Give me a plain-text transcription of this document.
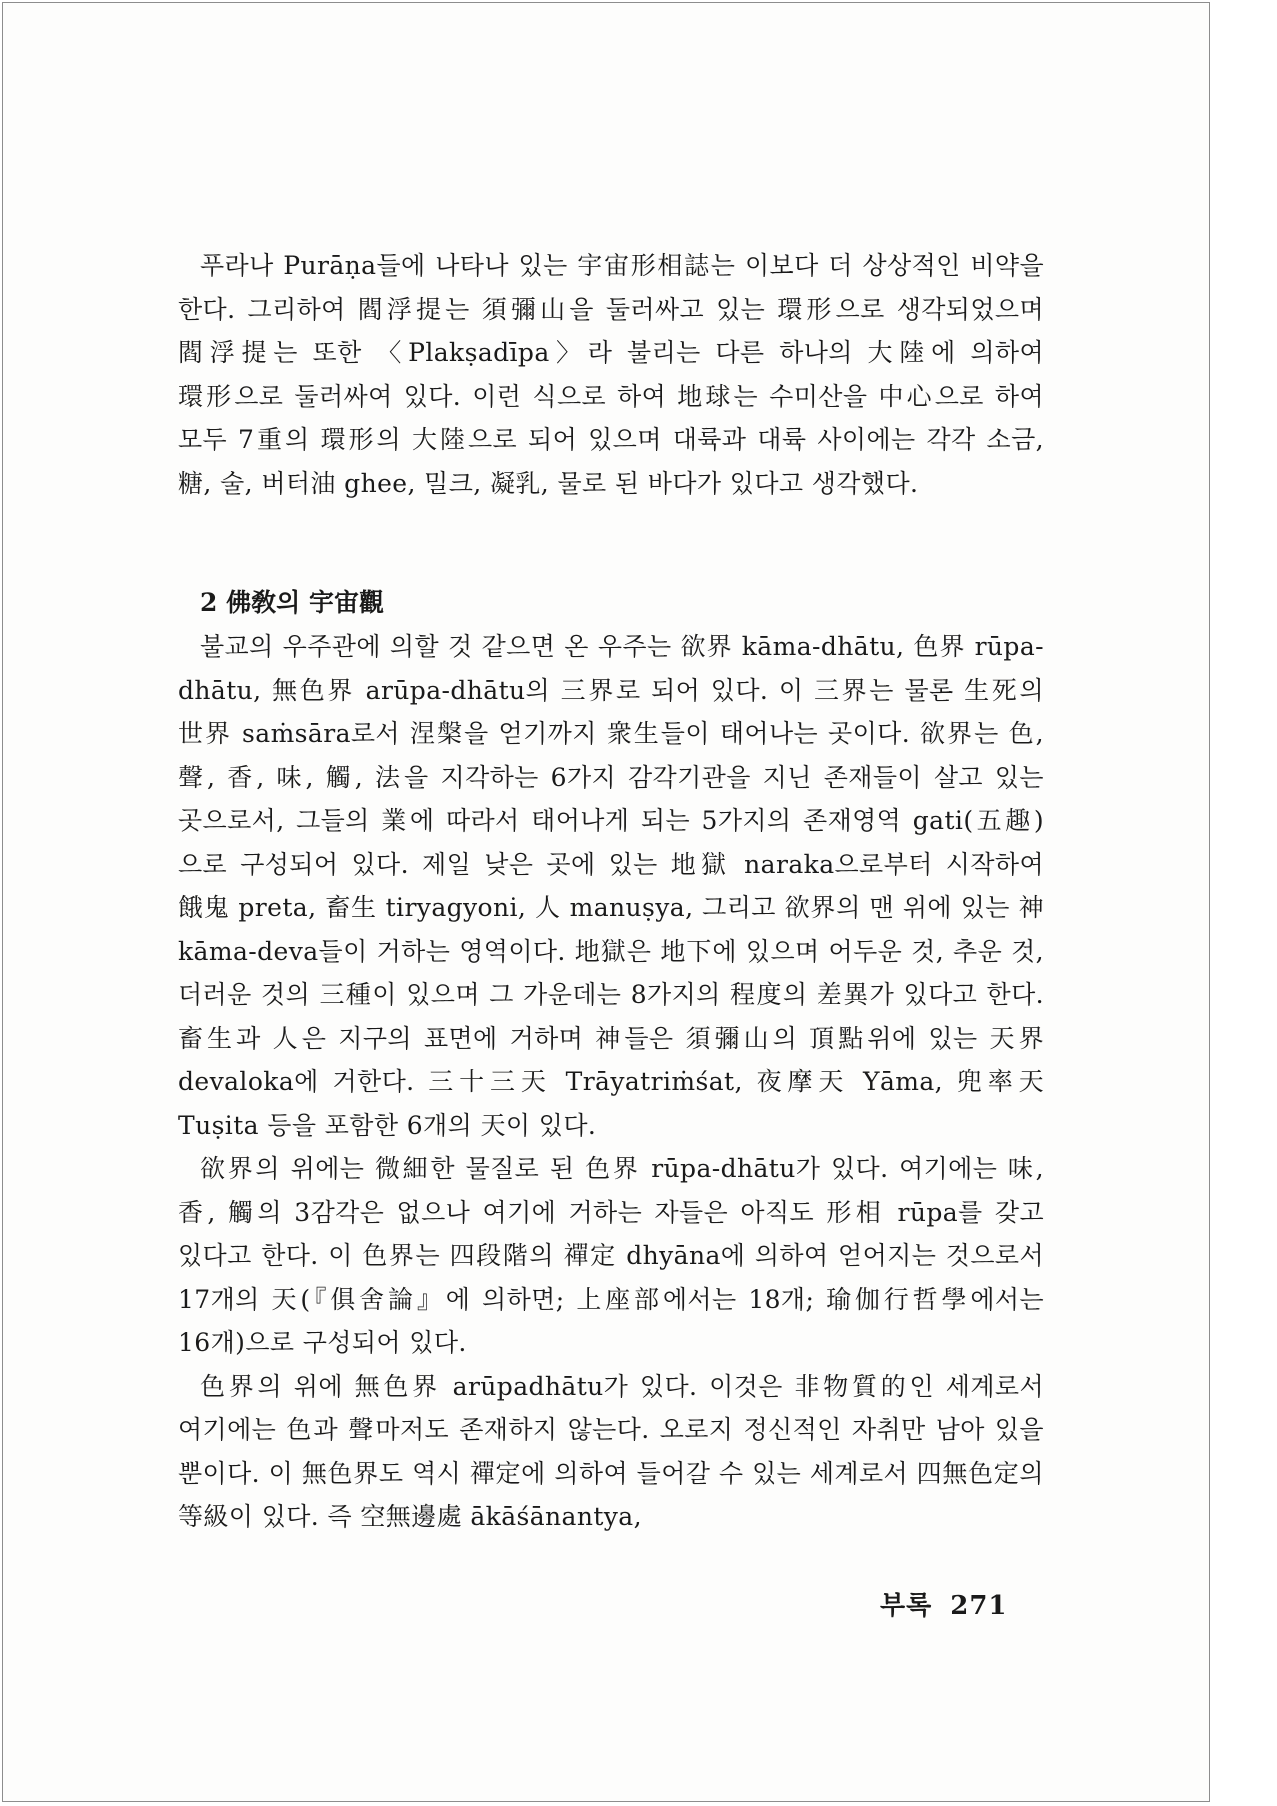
푸라나 Purāṇa들에 나타나 있는 宇宙形相誌는 이보다 더 상상적인 비약을 한다. 그리하여 閻浮提는 須彌山을 둘러싸고 있는 環形으로 생각되었으며 閻浮提는 또한 〈Plakṣadīpa〉라 불리는 다른 하나의 大陸에 의하여 環形으로 둘러싸여 있다. 이런 식으로 하여 地球는 수미산을 中心으로 하여 모두 7重의 環形의 大陸으로 되어 있으며 대륙과 대륙 사이에는 각각 소금, 糖, 술, 버터油 ghee, 밀크, 凝乳, 물로 된 바다가 있다고 생각했다.

2 佛敎의 宇宙觀

불교의 우주관에 의할 것 같으면 온 우주는 欲界 kāma-dhātu, 色界 rūpa-dhātu, 無色界 arūpa-dhātu의 三界로 되어 있다. 이 三界는 물론 生死의 世界 saṁsāra로서 涅槃을 얻기까지 衆生들이 태어나는 곳이다. 欲界는 色, 聲, 香, 味, 觸, 法을 지각하는 6가지 감각기관을 지닌 존재들이 살고 있는 곳으로서, 그들의 業에 따라서 태어나게 되는 5가지의 존재영역 gati(五趣)으로 구성되어 있다. 제일 낮은 곳에 있는 地獄 naraka으로부터 시작하여 餓鬼 preta, 畜生 tiryagyoni, 人 manuṣya, 그리고 欲界의 맨 위에 있는 神 kāma-deva들이 거하는 영역이다. 地獄은 地下에 있으며 어두운 것, 추운 것, 더러운 것의 三種이 있으며 그 가운데는 8가지의 程度의 差異가 있다고 한다. 畜生과 人은 지구의 표면에 거하며 神들은 須彌山의 頂點위에 있는 天界 devaloka에 거한다. 三十三天 Trāyatriṁśat, 夜摩天 Yāma, 兜率天 Tuṣita 등을 포함한 6개의 天이 있다.

欲界의 위에는 微細한 물질로 된 色界 rūpa-dhātu가 있다. 여기에는 味, 香, 觸의 3감각은 없으나 여기에 거하는 자들은 아직도 形相 rūpa를 갖고 있다고 한다. 이 色界는 四段階의 禪定 dhyāna에 의하여 얻어지는 것으로서 17개의 天(『俱舍論』에 의하면; 上座部에서는 18개; 瑜伽行哲學에서는 16개)으로 구성되어 있다.

色界의 위에 無色界 arūpadhātu가 있다. 이것은 非物質的인 세계로서 여기에는 色과 聲마저도 존재하지 않는다. 오로지 정신적인 자취만 남아 있을 뿐이다. 이 無色界도 역시 禪定에 의하여 들어갈 수 있는 세계로서 四無色定의 等級이 있다. 즉 空無邊處 ākāśānantya,

부록 271
